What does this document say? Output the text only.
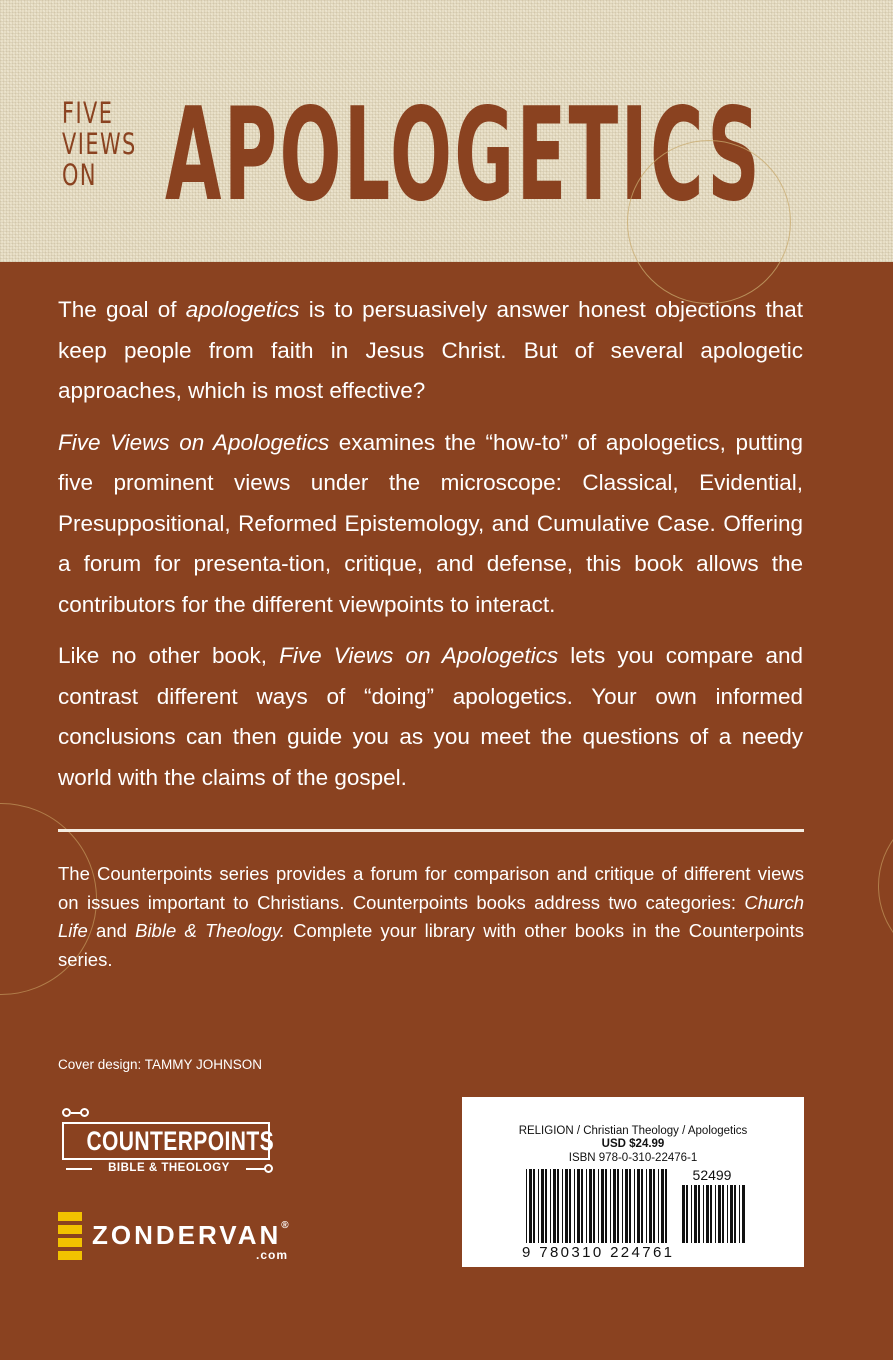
FIVE
VIEWS
ON APOLOGETICS

The goal of apologetics is to persuasively answer honest objections that keep people from faith in Jesus Christ. But of several apologetic approaches, which is most effective?

Five Views on Apologetics examines the “how-to” of apologetics, putting five prominent views under the microscope: Classical, Evidential, Presuppositional, Reformed Epistemology, and Cumulative Case. Offering a forum for presenta-tion, critique, and defense, this book allows the contributors for the different viewpoints to interact.

Like no other book, Five Views on Apologetics lets you compare and contrast different ways of “doing” apologetics. Your own informed conclusions can then guide you as you meet the questions of a needy world with the claims of the gospel.

The Counterpoints series provides a forum for comparison and critique of different views on issues important to Christians. Counterpoints books address two categories: Church Life and Bible & Theology. Complete your library with other books in the Counterpoints series.
Cover design: TAMMY JOHNSON
COUNTERPOINTS
BIBLE & THEOLOGY
ZONDERVAN®
.com
RELIGION / Christian Theology / Apologetics
USD $24.99
ISBN 978-0-310-22476-1
52499
9 780310 224761
